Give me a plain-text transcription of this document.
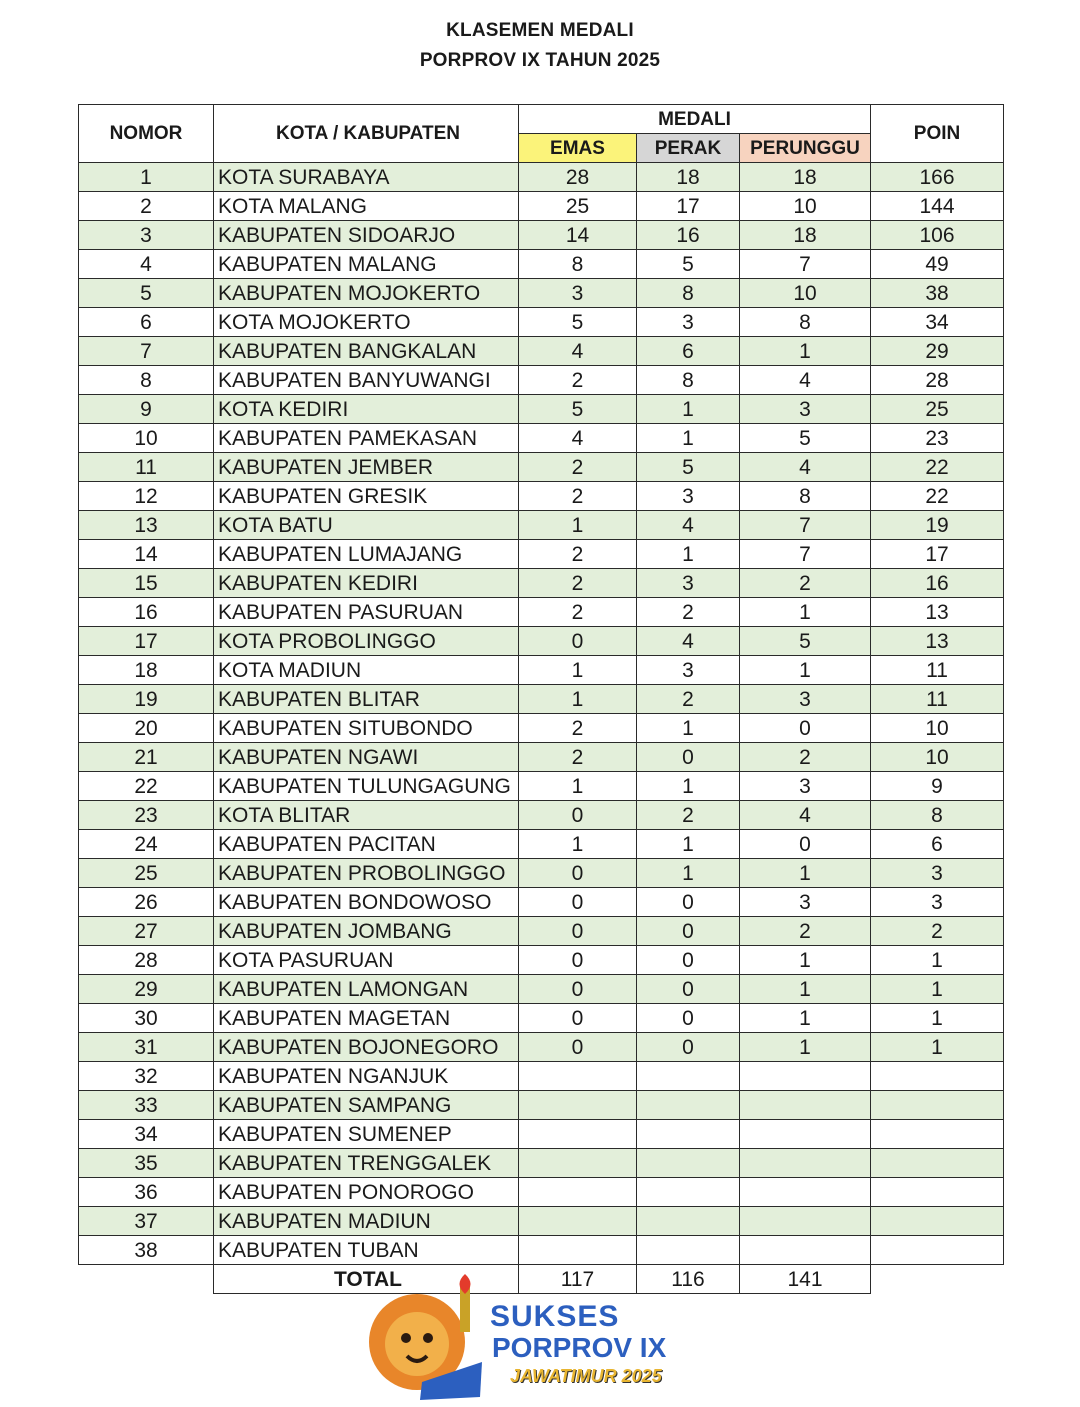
KLASEMEN MEDALI
PORPROV IX TAHUN 2025
NOMOR	KOTA / KABUPATEN	MEDALI			POIN
		EMAS	PERAK	PERUNGGU	
1	KOTA SURABAYA	28	18	18	166
2	KOTA MALANG	25	17	10	144
3	KABUPATEN SIDOARJO	14	16	18	106
4	KABUPATEN MALANG	8	5	7	49
5	KABUPATEN MOJOKERTO	3	8	10	38
6	KOTA MOJOKERTO	5	3	8	34
7	KABUPATEN BANGKALAN	4	6	1	29
8	KABUPATEN BANYUWANGI	2	8	4	28
9	KOTA KEDIRI	5	1	3	25
10	KABUPATEN PAMEKASAN	4	1	5	23
11	KABUPATEN JEMBER	2	5	4	22
12	KABUPATEN GRESIK	2	3	8	22
13	KOTA BATU	1	4	7	19
14	KABUPATEN LUMAJANG	2	1	7	17
15	KABUPATEN KEDIRI	2	3	2	16
16	KABUPATEN PASURUAN	2	2	1	13
17	KOTA PROBOLINGGO	0	4	5	13
18	KOTA MADIUN	1	3	1	11
19	KABUPATEN BLITAR	1	2	3	11
20	KABUPATEN SITUBONDO	2	1	0	10
21	KABUPATEN NGAWI	2	0	2	10
22	KABUPATEN TULUNGAGUNG	1	1	3	9
23	KOTA BLITAR	0	2	4	8
24	KABUPATEN PACITAN	1	1	0	6
25	KABUPATEN PROBOLINGGO	0	1	1	3
26	KABUPATEN BONDOWOSO	0	0	3	3
27	KABUPATEN JOMBANG	0	0	2	2
28	KOTA PASURUAN	0	0	1	1
29	KABUPATEN LAMONGAN	0	0	1	1
30	KABUPATEN MAGETAN	0	0	1	1
31	KABUPATEN BOJONEGORO	0	0	1	1
32	KABUPATEN NGANJUK				
33	KABUPATEN SAMPANG				
34	KABUPATEN SUMENEP				
35	KABUPATEN TRENGGALEK				
36	KABUPATEN PONOROGO				
37	KABUPATEN MADIUN				
38	KABUPATEN TUBAN				
	TOTAL	117	116	141	
SUKSES
PORPROV IX
JAWATIMUR 2025
